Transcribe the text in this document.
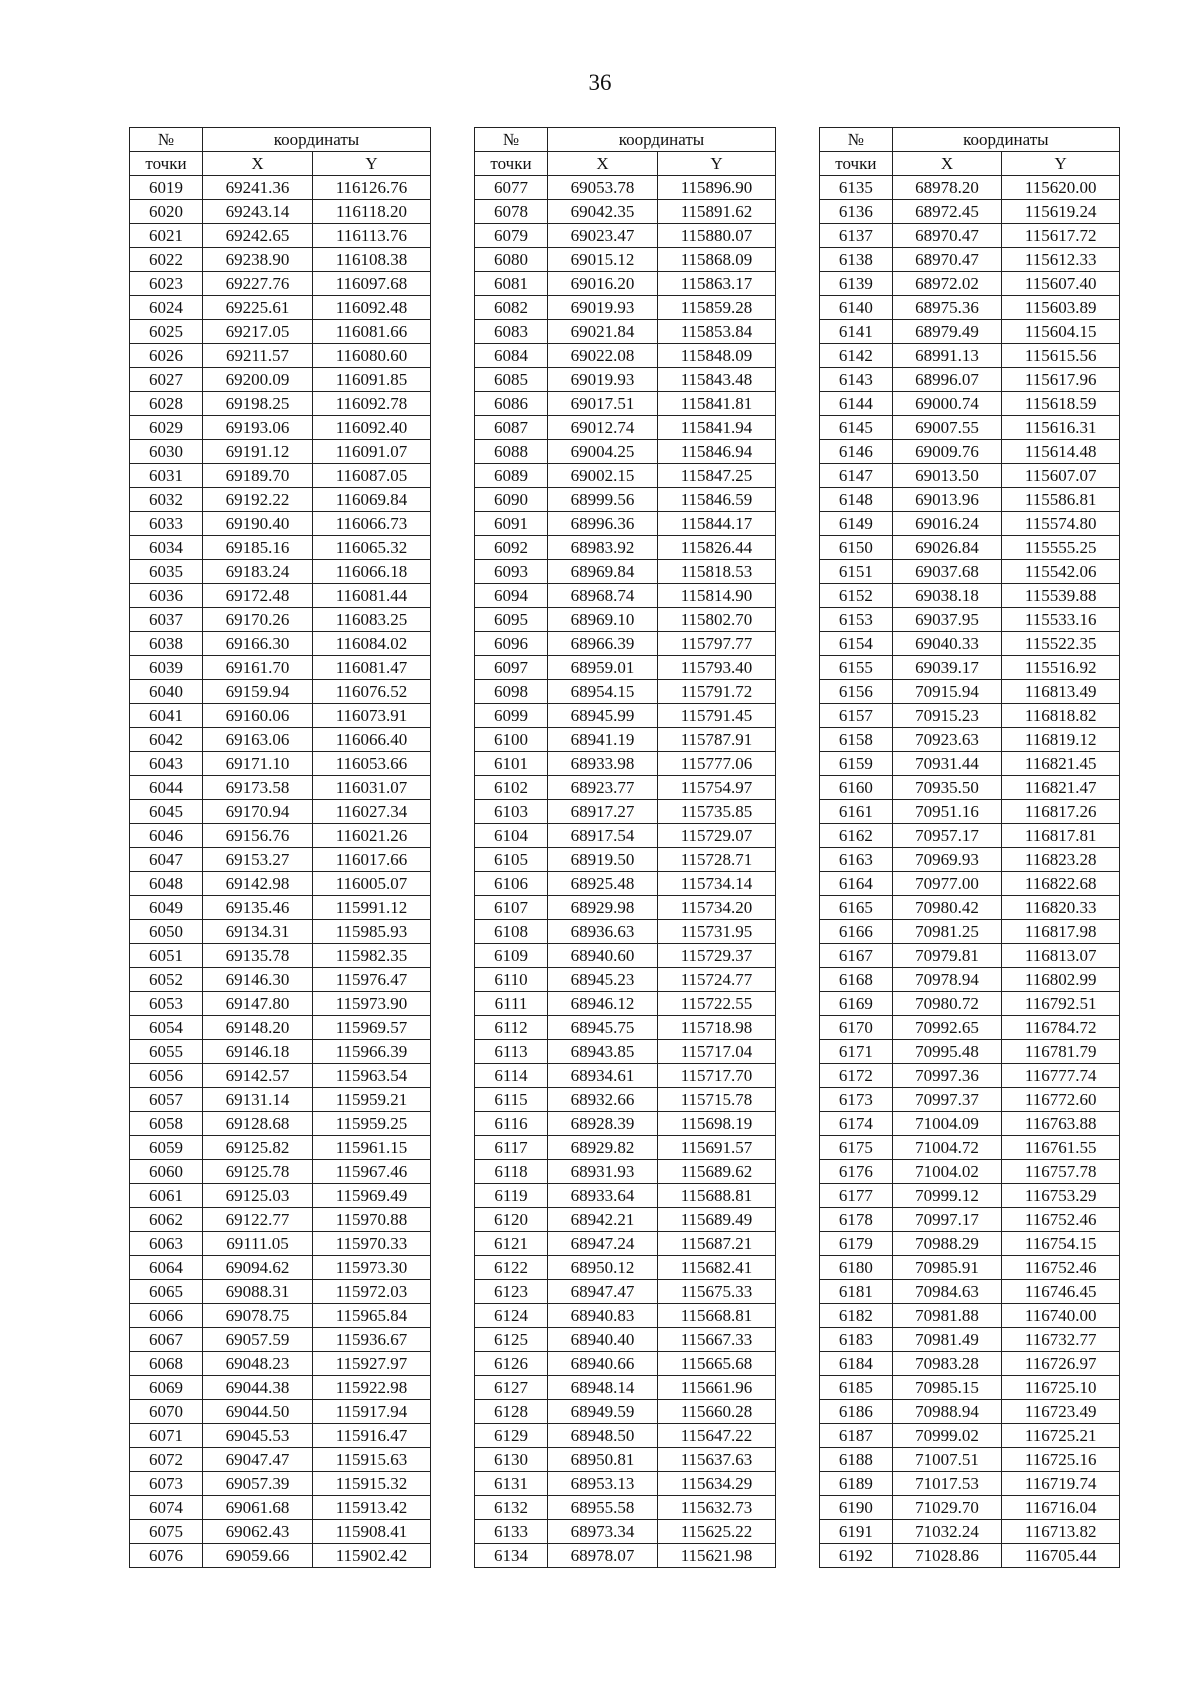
36
№	координаты	
точки	X	Y
6019	69241.36	116126.76
6020	69243.14	116118.20
6021	69242.65	116113.76
6022	69238.90	116108.38
6023	69227.76	116097.68
6024	69225.61	116092.48
6025	69217.05	116081.66
6026	69211.57	116080.60
6027	69200.09	116091.85
6028	69198.25	116092.78
6029	69193.06	116092.40
6030	69191.12	116091.07
6031	69189.70	116087.05
6032	69192.22	116069.84
6033	69190.40	116066.73
6034	69185.16	116065.32
6035	69183.24	116066.18
6036	69172.48	116081.44
6037	69170.26	116083.25
6038	69166.30	116084.02
6039	69161.70	116081.47
6040	69159.94	116076.52
6041	69160.06	116073.91
6042	69163.06	116066.40
6043	69171.10	116053.66
6044	69173.58	116031.07
6045	69170.94	116027.34
6046	69156.76	116021.26
6047	69153.27	116017.66
6048	69142.98	116005.07
6049	69135.46	115991.12
6050	69134.31	115985.93
6051	69135.78	115982.35
6052	69146.30	115976.47
6053	69147.80	115973.90
6054	69148.20	115969.57
6055	69146.18	115966.39
6056	69142.57	115963.54
6057	69131.14	115959.21
6058	69128.68	115959.25
6059	69125.82	115961.15
6060	69125.78	115967.46
6061	69125.03	115969.49
6062	69122.77	115970.88
6063	69111.05	115970.33
6064	69094.62	115973.30
6065	69088.31	115972.03
6066	69078.75	115965.84
6067	69057.59	115936.67
6068	69048.23	115927.97
6069	69044.38	115922.98
6070	69044.50	115917.94
6071	69045.53	115916.47
6072	69047.47	115915.63
6073	69057.39	115915.32
6074	69061.68	115913.42
6075	69062.43	115908.41
6076	69059.66	115902.42
№	координаты	
точки	X	Y
6077	69053.78	115896.90
6078	69042.35	115891.62
6079	69023.47	115880.07
6080	69015.12	115868.09
6081	69016.20	115863.17
6082	69019.93	115859.28
6083	69021.84	115853.84
6084	69022.08	115848.09
6085	69019.93	115843.48
6086	69017.51	115841.81
6087	69012.74	115841.94
6088	69004.25	115846.94
6089	69002.15	115847.25
6090	68999.56	115846.59
6091	68996.36	115844.17
6092	68983.92	115826.44
6093	68969.84	115818.53
6094	68968.74	115814.90
6095	68969.10	115802.70
6096	68966.39	115797.77
6097	68959.01	115793.40
6098	68954.15	115791.72
6099	68945.99	115791.45
6100	68941.19	115787.91
6101	68933.98	115777.06
6102	68923.77	115754.97
6103	68917.27	115735.85
6104	68917.54	115729.07
6105	68919.50	115728.71
6106	68925.48	115734.14
6107	68929.98	115734.20
6108	68936.63	115731.95
6109	68940.60	115729.37
6110	68945.23	115724.77
6111	68946.12	115722.55
6112	68945.75	115718.98
6113	68943.85	115717.04
6114	68934.61	115717.70
6115	68932.66	115715.78
6116	68928.39	115698.19
6117	68929.82	115691.57
6118	68931.93	115689.62
6119	68933.64	115688.81
6120	68942.21	115689.49
6121	68947.24	115687.21
6122	68950.12	115682.41
6123	68947.47	115675.33
6124	68940.83	115668.81
6125	68940.40	115667.33
6126	68940.66	115665.68
6127	68948.14	115661.96
6128	68949.59	115660.28
6129	68948.50	115647.22
6130	68950.81	115637.63
6131	68953.13	115634.29
6132	68955.58	115632.73
6133	68973.34	115625.22
6134	68978.07	115621.98
№	координаты	
точки	X	Y
6135	68978.20	115620.00
6136	68972.45	115619.24
6137	68970.47	115617.72
6138	68970.47	115612.33
6139	68972.02	115607.40
6140	68975.36	115603.89
6141	68979.49	115604.15
6142	68991.13	115615.56
6143	68996.07	115617.96
6144	69000.74	115618.59
6145	69007.55	115616.31
6146	69009.76	115614.48
6147	69013.50	115607.07
6148	69013.96	115586.81
6149	69016.24	115574.80
6150	69026.84	115555.25
6151	69037.68	115542.06
6152	69038.18	115539.88
6153	69037.95	115533.16
6154	69040.33	115522.35
6155	69039.17	115516.92
6156	70915.94	116813.49
6157	70915.23	116818.82
6158	70923.63	116819.12
6159	70931.44	116821.45
6160	70935.50	116821.47
6161	70951.16	116817.26
6162	70957.17	116817.81
6163	70969.93	116823.28
6164	70977.00	116822.68
6165	70980.42	116820.33
6166	70981.25	116817.98
6167	70979.81	116813.07
6168	70978.94	116802.99
6169	70980.72	116792.51
6170	70992.65	116784.72
6171	70995.48	116781.79
6172	70997.36	116777.74
6173	70997.37	116772.60
6174	71004.09	116763.88
6175	71004.72	116761.55
6176	71004.02	116757.78
6177	70999.12	116753.29
6178	70997.17	116752.46
6179	70988.29	116754.15
6180	70985.91	116752.46
6181	70984.63	116746.45
6182	70981.88	116740.00
6183	70981.49	116732.77
6184	70983.28	116726.97
6185	70985.15	116725.10
6186	70988.94	116723.49
6187	70999.02	116725.21
6188	71007.51	116725.16
6189	71017.53	116719.74
6190	71029.70	116716.04
6191	71032.24	116713.82
6192	71028.86	116705.44
